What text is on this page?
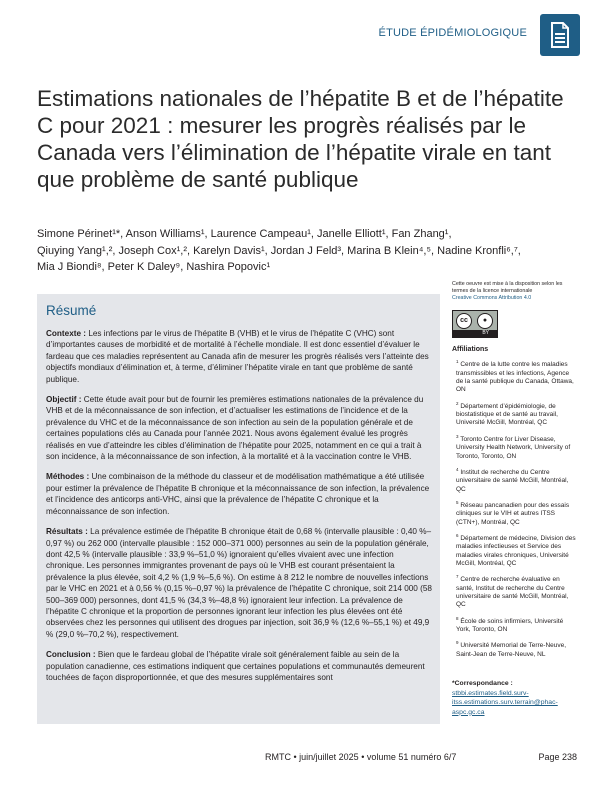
ÉTUDE ÉPIDÉMIOLOGIQUE
Estimations nationales de l’hépatite B et de l’hépatite C pour 2021 : mesurer les progrès réalisés par le Canada vers l’élimination de l’hépatite virale en tant que problème de santé publique
Simone Périnet¹*, Anson Williams¹, Laurence Campeau¹, Janelle Elliott¹, Fan Zhang¹,
Qiuying Yang¹,², Joseph Cox¹,², Karelyn Davis¹, Jordan J Feld³, Marina B Klein⁴,⁵, Nadine Kronfli⁶,⁷,
Mia J Biondi⁸, Peter K Daley⁹, Nashira Popovic¹
Résumé

Contexte : Les infections par le virus de l’hépatite B (VHB) et le virus de l’hépatite C (VHC) sont d’importantes causes de morbidité et de mortalité à l’échelle mondiale. Il est donc essentiel d’évaluer le fardeau que ces maladies représentent au Canada afin de mesurer les progrès réalisés vers l’atteinte des objectifs mondiaux d’élimination et, à terme, d’éliminer l’hépatite virale en tant que problème de santé publique.

Objectif : Cette étude avait pour but de fournir les premières estimations nationales de la prévalence du VHB et de la méconnaissance de son infection, et d’actualiser les estimations de l’incidence et de la prévalence du VHC et de la méconnaissance de son infection au sein de la population générale et de certaines populations clés au Canada pour l’année 2021. Nous avons également évalué les progrès réalisés en vue d’atteindre les cibles d’élimination de l’hépatite pour 2025, notamment en ce qui a trait à son incidence, à la méconnaissance de son infection, à la mortalité et à la vaccination contre le VHB.

Méthodes : Une combinaison de la méthode du classeur et de modélisation mathématique a été utilisée pour estimer la prévalence de l’hépatite B chronique et la méconnaissance de son infection, la prévalence et l’incidence des anticorps anti-VHC, ainsi que la prévalence de l’hépatite C chronique et la méconnaissance de son infection.

Résultats : La prévalence estimée de l’hépatite B chronique était de 0,68 % (intervalle plausible : 0,40 %–0,97 %) ou 262 000 (intervalle plausible : 152 000–371 000) personnes au sein de la population générale, dont 42,5 % (intervalle plausible : 33,9 %–51,0 %) ignoraient qu’elles vivaient avec une infection chronique. Les personnes immigrantes provenant de pays où le VHB est courant présentaient la prévalence la plus élevée, soit 4,2 % (1,9 %–5,6 %). On estime à 8 212 le nombre de nouvelles infections par le VHC en 2021 et à 0,56 % (0,15 %–0,97 %) la prévalence de l’hépatite C chronique, soit 214 000 (58 500–369 000) personnes, dont 41,5 % (34,3 %–48,8 %) ignoraient leur infection. La prévalence de l’hépatite C chronique et la proportion de personnes ignorant leur infection les plus élevées ont été observées chez les personnes qui utilisent des drogues par injection, soit 36,9 % (12,6 %–55,1 %) et 49,9 % (29,0 %–70,2 %), respectivement.

Conclusion : Bien que le fardeau global de l’hépatite virale soit généralement faible au sein de la population canadienne, ces estimations indiquent que certaines populations et communautés demeurent touchées de façon disproportionnée, et que des mesures supplémentaires sont

Cette oeuvre est mise à la disposition selon les termes de la licence internationale
Creative Commons Attribution 4.0
cc	●
BY
Affiliations
$^1$ Centre de la lutte contre les maladies transmissibles et les infections, Agence de la santé publique du Canada, Ottawa, ON
$^2$ Département d’épidémiologie, de biostatistique et de santé au travail, Université McGill, Montréal, QC
$^3$ Toronto Centre for Liver Disease, University Health Network, University of Toronto, Toronto, ON
$^4$ Institut de recherche du Centre universitaire de santé McGill, Montréal, QC
$^5$ Réseau pancanadien pour des essais cliniques sur le VIH et autres ITSS (CTN+), Montréal, QC
$^6$ Département de médecine, Division des maladies infectieuses et Service des maladies virales chroniques, Université McGill, Montréal, QC
$^7$ Centre de recherche évaluative en santé, Institut de recherche du Centre universitaire de santé McGill, Montréal, QC
$^8$ École de soins infirmiers, Université York, Toronto, ON
$^9$ Université Memorial de Terre-Neuve, Saint-Jean de Terre-Neuve, NL
*Correspondance :
stbbi.estimates.field.surv-itss.estimations.surv.terrain@phac-aspc.gc.ca
RMTC • juin/juillet 2025 • volume 51 numéro 6/7	Page 238
